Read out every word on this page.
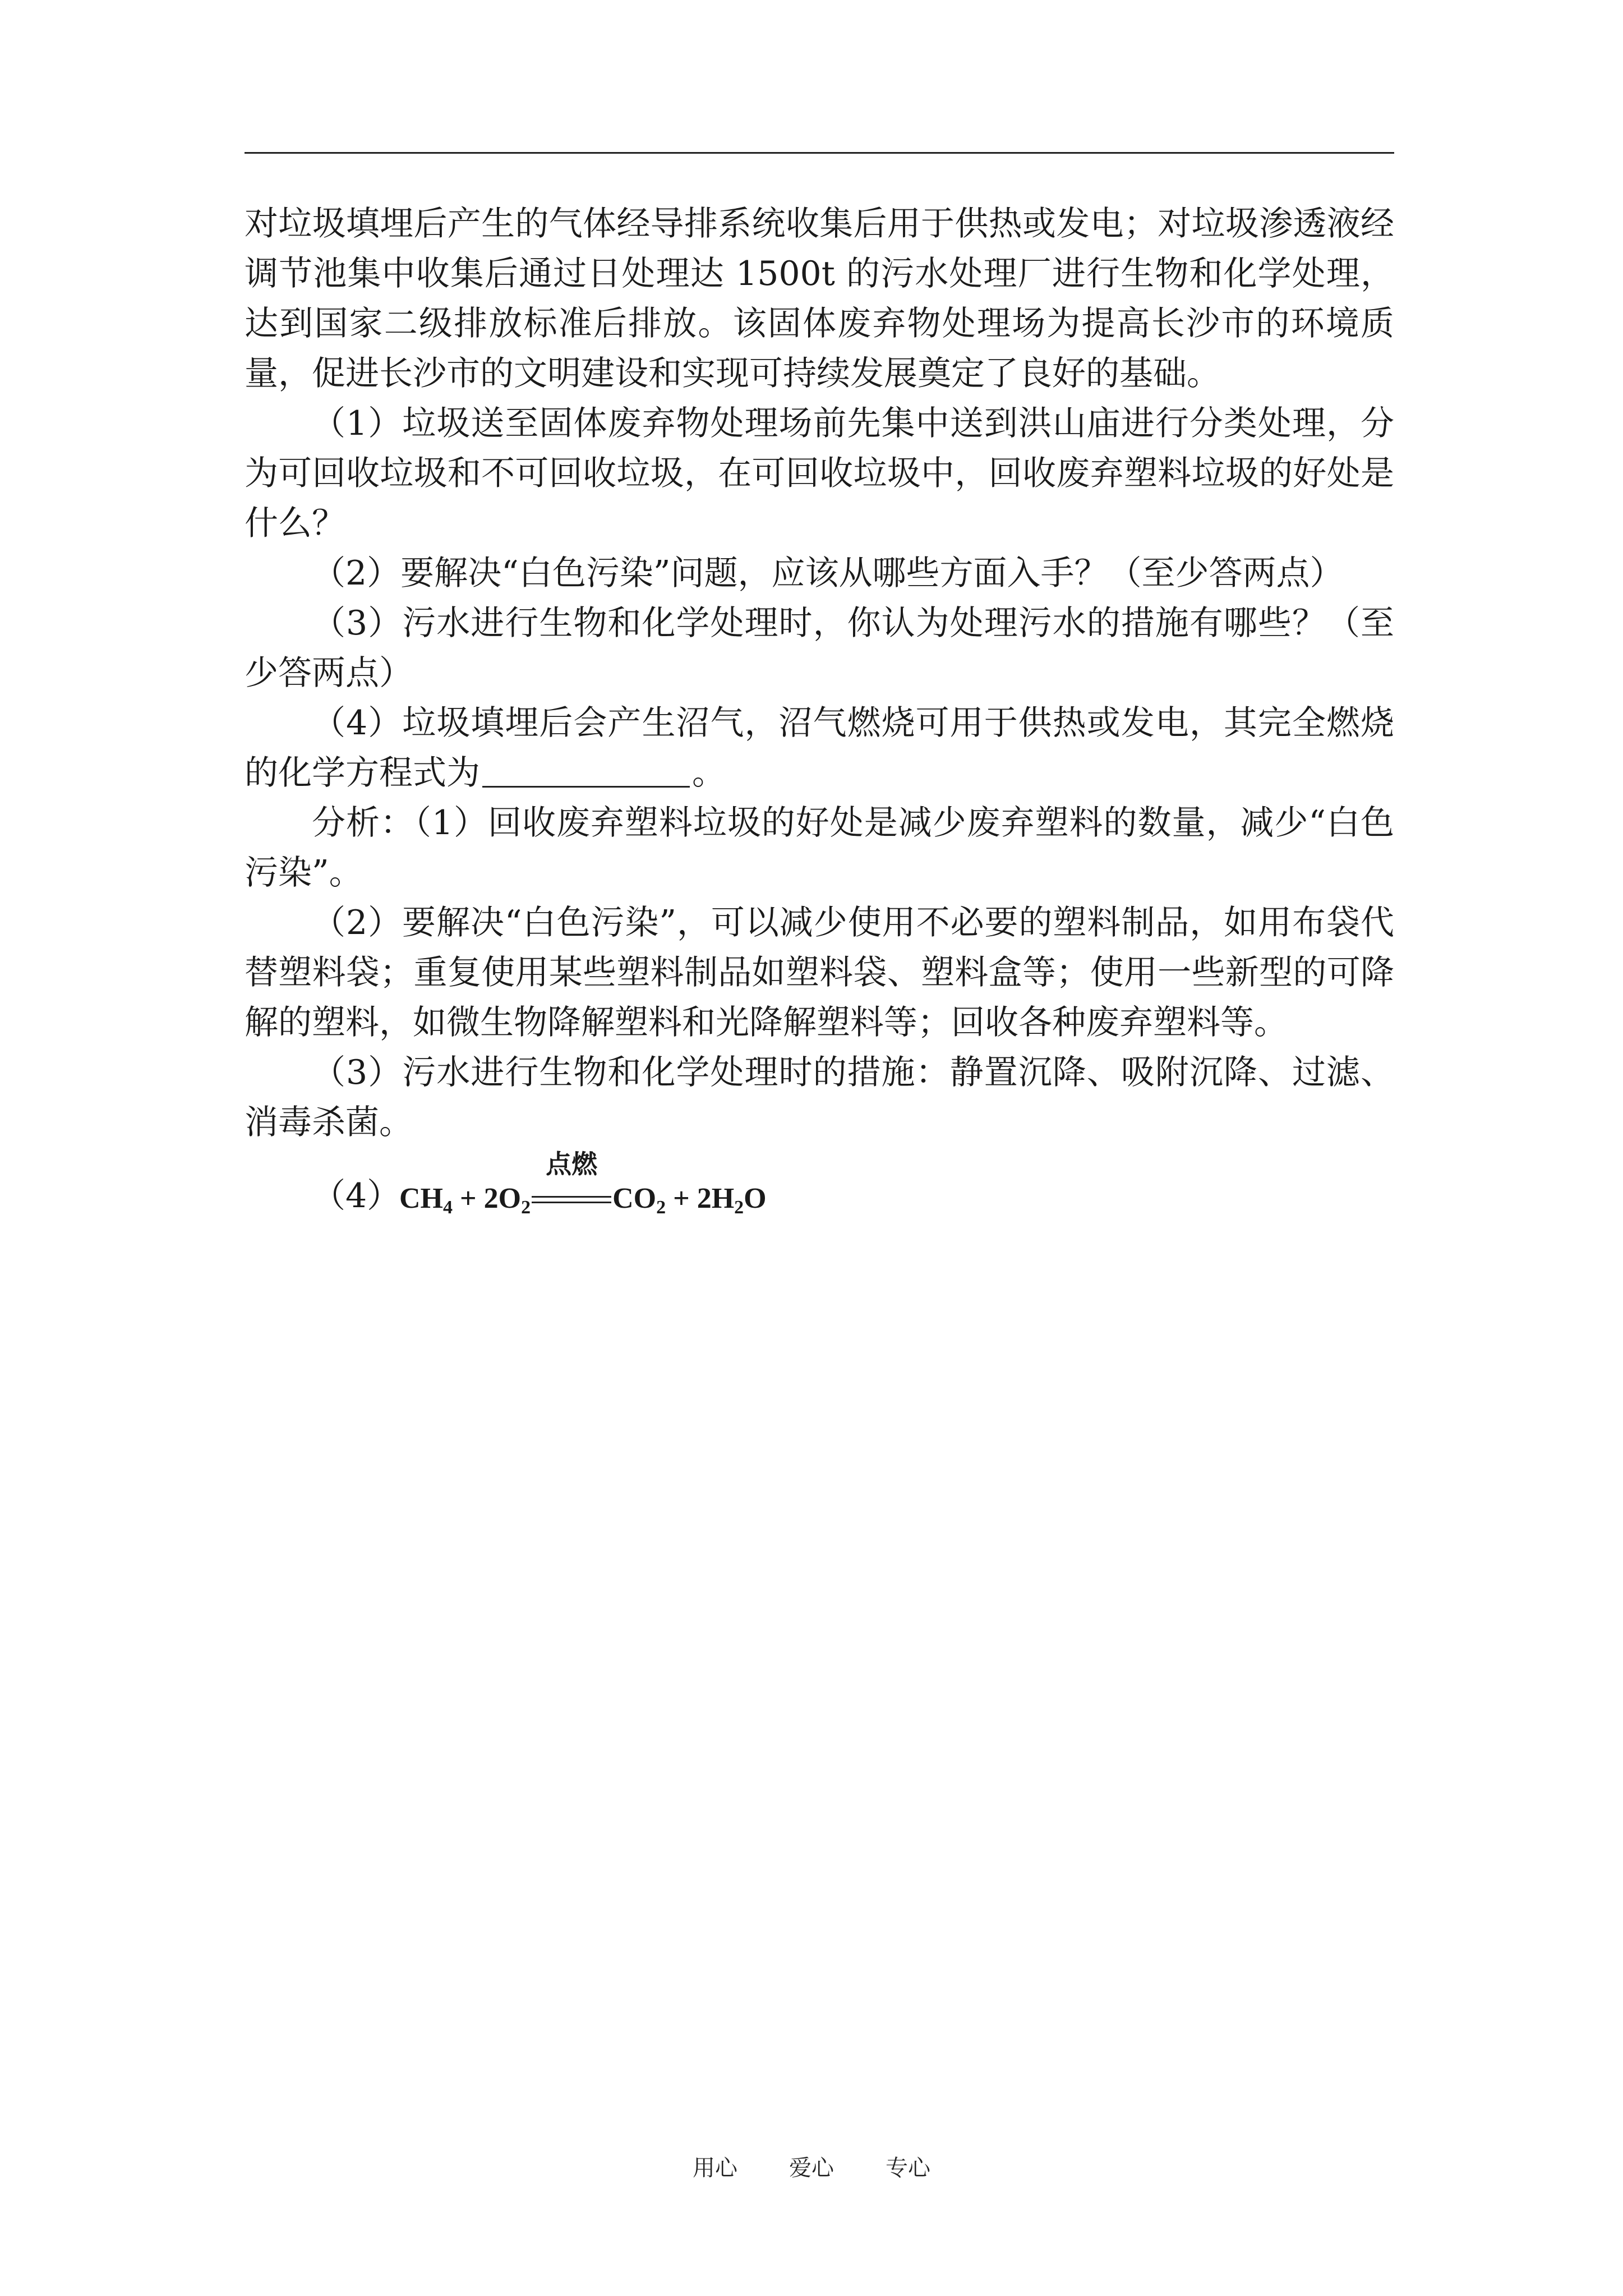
对垃圾填埋后产生的气体经导排系统收集后用于供热或发电；对垃圾渗透液经调节池集中收集后通过日处理达 1500t 的污水处理厂进行生物和化学处理，达到国家二级排放标准后排放。该固体废弃物处理场为提高长沙市的环境质量，促进长沙市的文明建设和实现可持续发展奠定了良好的基础。

（1）垃圾送至固体废弃物处理场前先集中送到洪山庙进行分类处理，分为可回收垃圾和不可回收垃圾，在可回收垃圾中，回收废弃塑料垃圾的好处是什么？

（2）要解决“白色污染”问题，应该从哪些方面入手？（至少答两点）

（3）污水进行生物和化学处理时，你认为处理污水的措施有哪些？（至少答两点）

（4）垃圾填埋后会产生沼气，沼气燃烧可用于供热或发电，其完全燃烧的化学方程式为	。

分析：（1）回收废弃塑料垃圾的好处是减少废弃塑料的数量，减少“白色污染”。

（2）要解决“白色污染”，可以减少使用不必要的塑料制品，如用布袋代替塑料袋；重复使用某些塑料制品如塑料袋、塑料盒等；使用一些新型的可降解的塑料，如微生物降解塑料和光降解塑料等；回收各种废弃塑料等。

（3）污水进行生物和化学处理时的措施：静置沉降、吸附沉降、过滤、消毒杀菌。

（4）
$CH_4 + 2O_2$
点燃
$CO_2 + 2H_2O$

用心 爱心 专心
